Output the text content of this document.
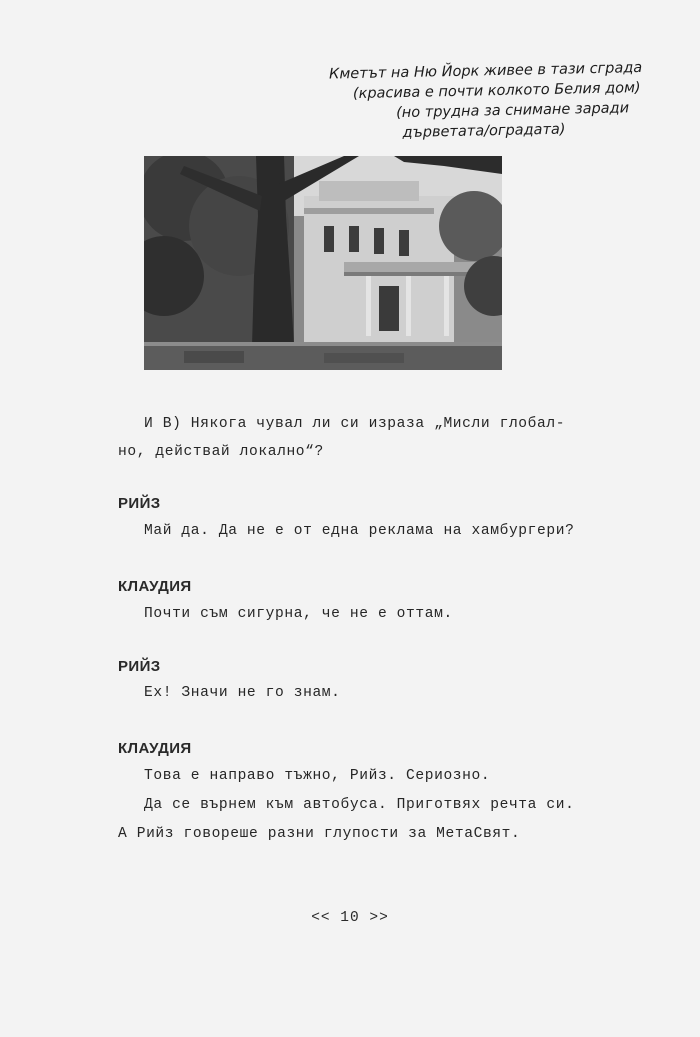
Кметът на Ню Йорк живее в тази сграда
(красива е почти колкото Белия дом)
(но трудна за снимане заради
дърветата/оградата)
И В) Някога чувал ли си израза „Мисли глобал-
но, действай локално“?
РИЙЗ
Май да. Да не е от една реклама на хамбургери?
КЛАУДИЯ
Почти съм сигурна, че не е оттам.
РИЙЗ
Ех! Значи не го знам.
КЛАУДИЯ
Това е направо тъжно, Рийз. Сериозно.
Да се върнем към автобуса. Приготвях речта си.
А Рийз говореше разни глупости за МетаСвят.
<< 10 >>
